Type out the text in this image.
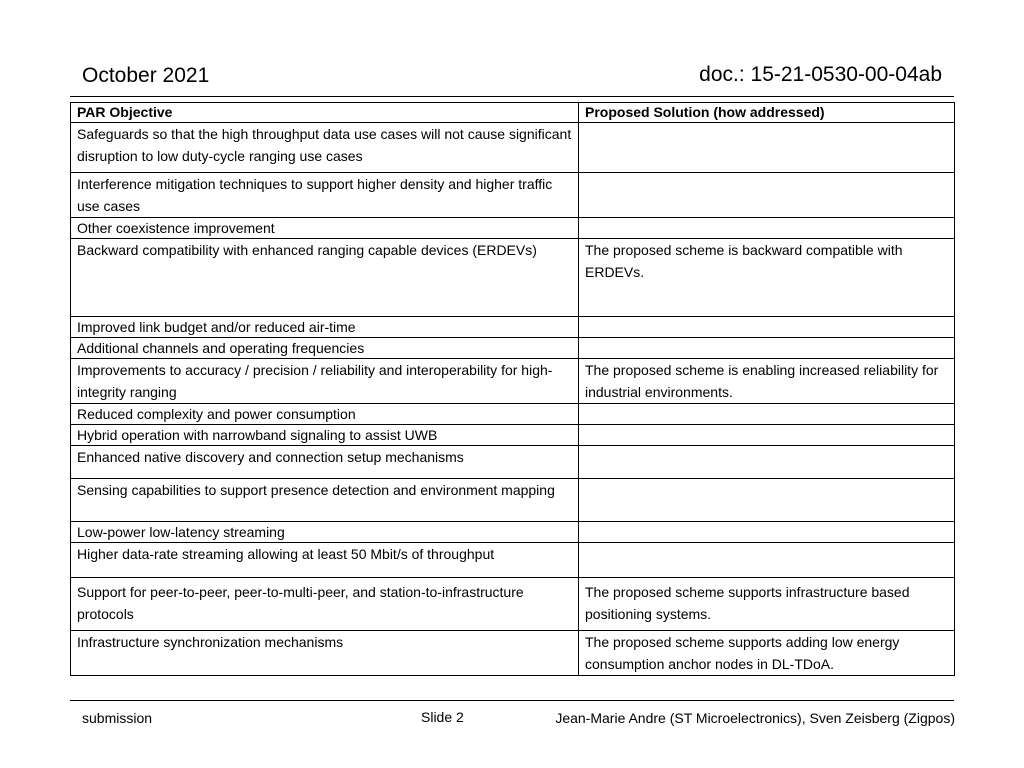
October 2021	doc.: 15-21-0530-00-04ab
PAR Objective	Proposed Solution (how addressed)
Safeguards so that the high throughput data use cases will not cause significant disruption to low duty-cycle ranging use cases	
Interference mitigation techniques to support higher density and higher traffic use cases	
Other coexistence improvement	
Backward compatibility with enhanced ranging capable devices (ERDEVs)	The proposed scheme is backward compatible with ERDEVs.
Improved link budget and/or reduced air-time	
Additional channels and operating frequencies	
Improvements to accuracy / precision / reliability and interoperability for high-integrity ranging	The proposed scheme is enabling increased reliability for industrial environments.
Reduced complexity and power consumption	
Hybrid operation with narrowband signaling to assist UWB	
Enhanced native discovery and connection setup mechanisms	
Sensing capabilities to support presence detection and environment mapping	
Low-power low-latency streaming	
Higher data-rate streaming allowing at least 50 Mbit/s of throughput	
Support for peer-to-peer, peer-to-multi-peer, and station-to-infrastructure protocols	The proposed scheme supports infrastructure based positioning systems.
Infrastructure synchronization mechanisms	The proposed scheme supports adding low energy consumption anchor nodes in DL-TDoA.
submission	Slide 2	Jean-Marie Andre (ST Microelectronics), Sven Zeisberg (Zigpos)
